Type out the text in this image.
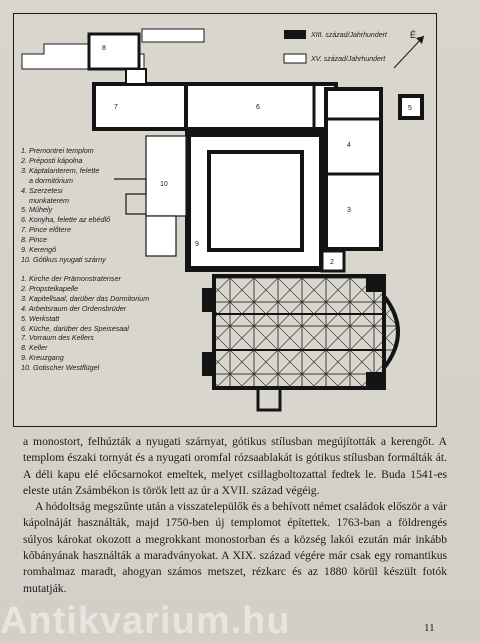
8
7	6
4
3
10
9
2
5
É
XIII. század/Jahrhundert
XV. század/Jahrhundert
1. Premontrei templom
2. Préposti kápolna
3. Káptalanterem, felette
a dormitórium
4. Szerzetesi
munkaterem
5. Műhely
6. Konyha, felette az ebédlő
7. Pince előtere
8. Pince
9. Kerengő
10. Gótikus nyugati szárny
1. Kirche der Prämonstratenser
2. Propsteikapelle
3. Kapitellsaal, darüber das Dormitorium
4. Arbeitsraum der Ordensbrüder
5. Werkstatt
6. Küche, darüber des Speisesaal
7. Vorraum des Kellers
8. Keller
9. Kreuzgang
10. Gotischer Westflügel

a monostort, felhúzták a nyugati szárnyat, gótikus stílusban megújították a kerengőt. A templom északi tornyát és a nyugati oromfal rózsaablakát is gótikus stílusban formálták át. A déli kapu elé előcsarnokot emeltek, melyet csillagboltozattal fedtek le. Buda 1541-es eleste után Zsámbékon is török lett az úr a XVII. század végéig.

A hódoltság megszűnte után a visszatelepülők és a behívott német családok először a vár kápolnáját használták, majd 1750-ben új templomot építettek. 1763-ban a földrengés súlyos károkat okozott a megrokkant monostorban és a község lakói ezután már inkább kőbányának használták a maradványokat. A XIX. század végére már csak egy romantikus romhalmaz maradt, ahogyan számos metszet, rézkarc és az 1880 körül készült fotók mutatják.

Antikvarium.hu	11
